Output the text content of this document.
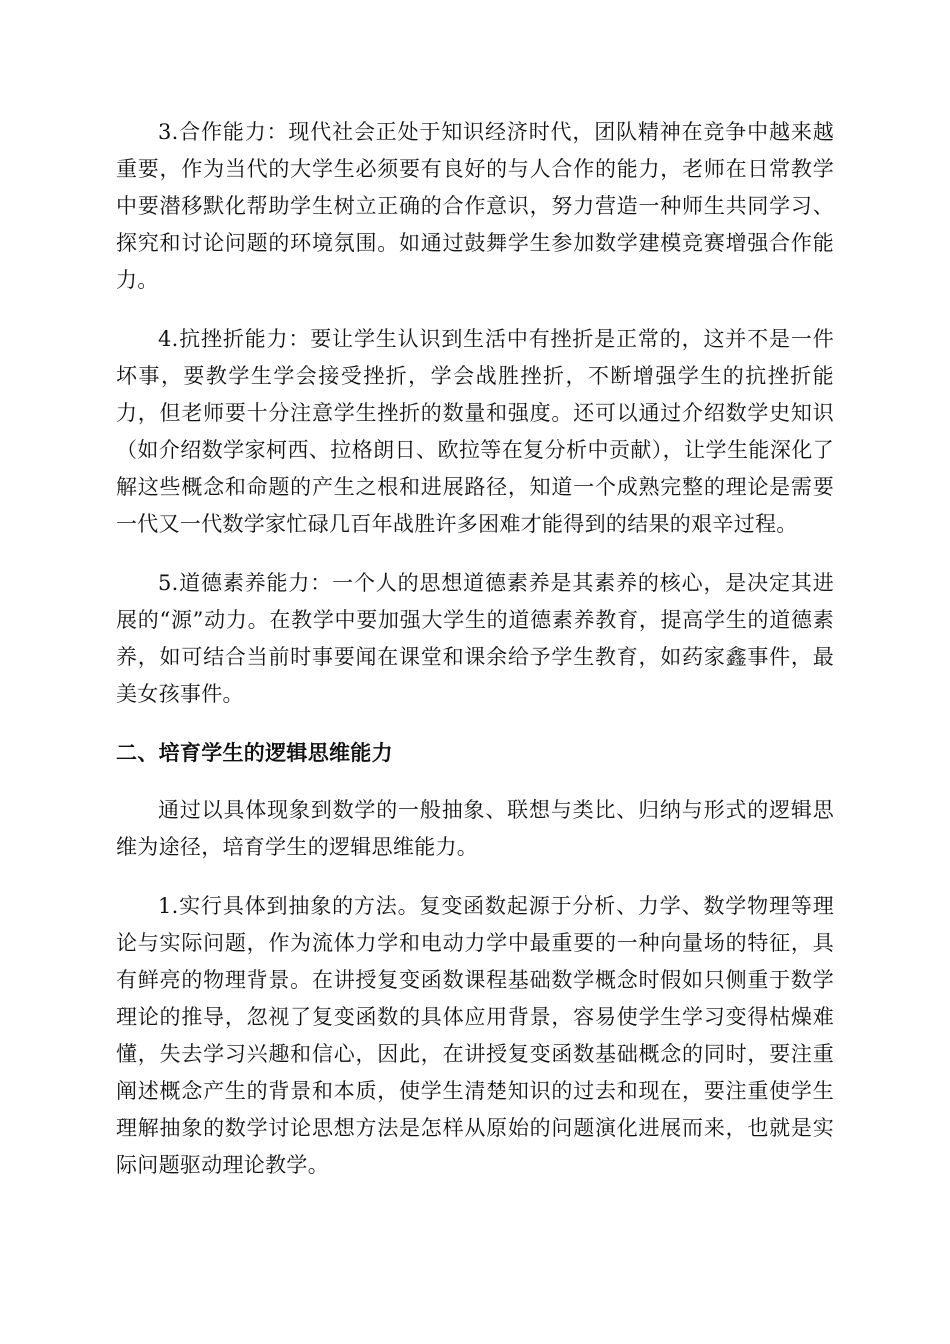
3.合作能力：现代社会正处于知识经济时代，团队精神在竞争中越来越重要，作为当代的大学生必须要有良好的与人合作的能力，老师在日常教学中要潜移默化帮助学生树立正确的合作意识，努力营造一种师生共同学习、探究和讨论问题的环境氛围。如通过鼓舞学生参加数学建模竞赛增强合作能力。

4.抗挫折能力：要让学生认识到生活中有挫折是正常的，这并不是一件坏事，要教学生学会接受挫折，学会战胜挫折，不断增强学生的抗挫折能力，但老师要十分注意学生挫折的数量和强度。还可以通过介绍数学史知识（如介绍数学家柯西、拉格朗日、欧拉等在复分析中贡献），让学生能深化了解这些概念和命题的产生之根和进展路径，知道一个成熟完整的理论是需要一代又一代数学家忙碌几百年战胜许多困难才能得到的结果的艰辛过程。

5.道德素养能力：一个人的思想道德素养是其素养的核心，是决定其进展的“源”动力。在教学中要加强大学生的道德素养教育，提高学生的道德素养，如可结合当前时事要闻在课堂和课余给予学生教育，如药家鑫事件，最美女孩事件。

二、培育学生的逻辑思维能力

通过以具体现象到数学的一般抽象、联想与类比、归纳与形式的逻辑思维为途径，培育学生的逻辑思维能力。

1.实行具体到抽象的方法。复变函数起源于分析、力学、数学物理等理论与实际问题，作为流体力学和电动力学中最重要的一种向量场的特征，具有鲜亮的物理背景。在讲授复变函数课程基础数学概念时假如只侧重于数学理论的推导，忽视了复变函数的具体应用背景，容易使学生学习变得枯燥难懂，失去学习兴趣和信心，因此，在讲授复变函数基础概念的同时，要注重阐述概念产生的背景和本质，使学生清楚知识的过去和现在，要注重使学生理解抽象的数学讨论思想方法是怎样从原始的问题演化进展而来，也就是实际问题驱动理论教学。
